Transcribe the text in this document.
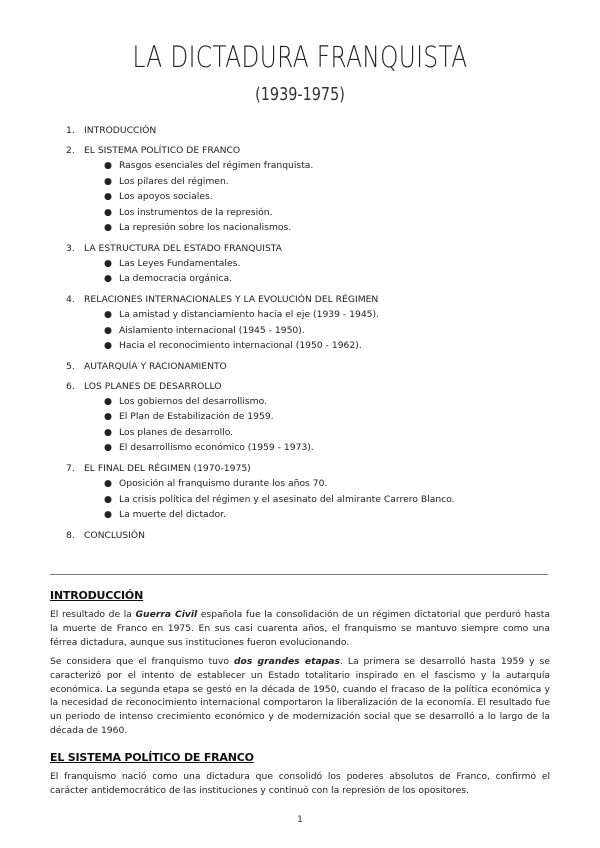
LA DICTADURA FRANQUISTA
(1939-1975)
1.	INTRODUCCIÓN
2.	EL SISTEMA POLÍTICO DE FRANCO
● Rasgos esenciales del régimen franquista.
● Los pilares del régimen.
● Los apoyos sociales.
● Los instrumentos de la represión.
● La represión sobre los nacionalismos.
3.	LA ESTRUCTURA DEL ESTADO FRANQUISTA
● Las Leyes Fundamentales.
● La democracia orgánica.
4.	RELACIONES INTERNACIONALES Y LA EVOLUCIÓN DEL RÉGIMEN
● La amistad y distanciamiento hacia el eje (1939 - 1945).
● Aislamiento internacional (1945 - 1950).
● Hacia el reconocimiento internacional (1950 - 1962).
5.	AUTARQUÍA Y RACIONAMIENTO
6.	LOS PLANES DE DESARROLLO
● Los gobiernos del desarrollismo.
● El Plan de Estabilización de 1959.
● Los planes de desarrollo.
● El desarrollismo económico (1959 - 1973).
7.	EL FINAL DEL RÉGIMEN (1970-1975)
● Oposición al franquismo durante los años 70.
● La crisis política del régimen y el asesinato del almirante Carrero Blanco.
● La muerte del dictador.
8.	CONCLUSIÓN
INTRODUCCIÓN
El resultado de la Guerra Civil española fue la consolidación de un régimen dictatorial que perduró hasta la muerte de Franco en 1975. En sus casi cuarenta años, el franquismo se mantuvo siempre como una férrea dictadura, aunque sus instituciones fueron evolucionando.
Se considera que el franquismo tuvo dos grandes etapas. La primera se desarrolló hasta 1959 y se caracterizó por el intento de establecer un Estado totalitario inspirado en el fascismo y la autarquía económica. La segunda etapa se gestó en la década de 1950, cuando el fracaso de la política económica y la necesidad de reconocimiento internacional comportaron la liberalización de la economía. El resultado fue un periodo de intenso crecimiento económico y de modernización social que se desarrolló a lo largo de la década de 1960.
EL SISTEMA POLÍTICO DE FRANCO
El franquismo nació como una dictadura que consolidó los poderes absolutos de Franco, confirmó el carácter antidemocrático de las instituciones y continuó con la represión de los opositores.
1
